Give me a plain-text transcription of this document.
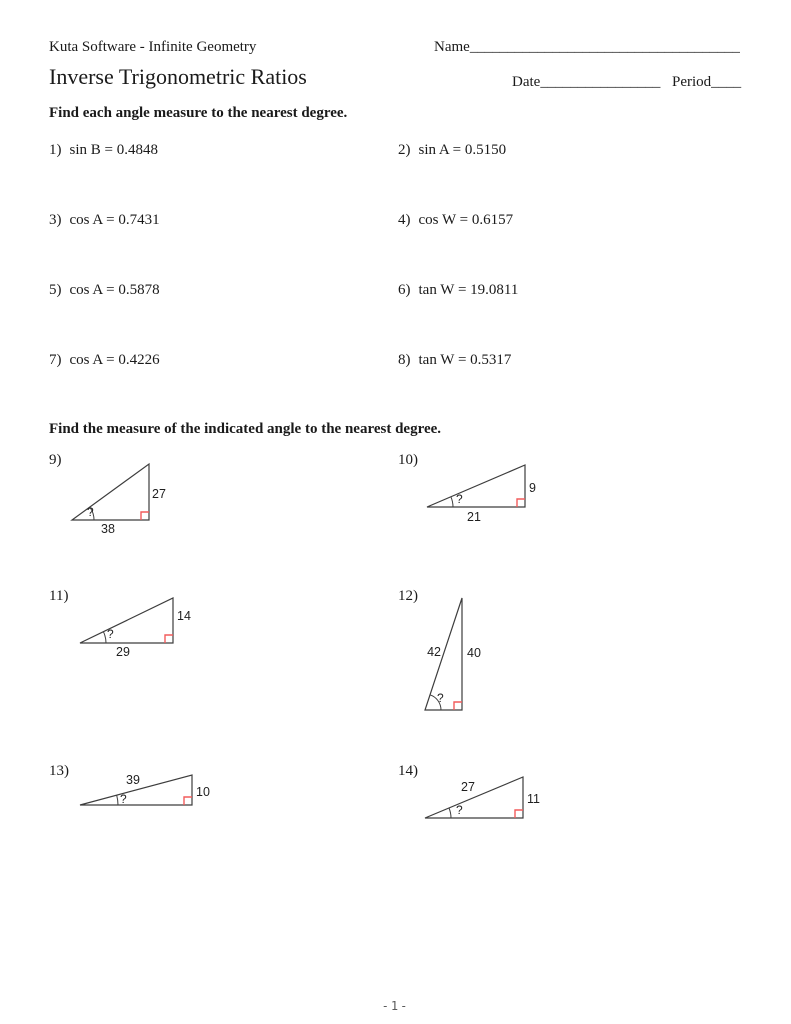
Kuta Software - Infinite Geometry	Name____________________________________
Inverse Trigonometric Ratios	Date________________ Period____
Find each angle measure to the nearest degree.
1) sin B = 0.4848	2) sin A = 0.5150
3) cos A = 0.7431	4) cos W = 0.6157
5) cos A = 0.5878	6) tan W = 19.0811
7) cos A = 0.4226	8) tan W = 0.5317
Find the measure of the indicated angle to the nearest degree.
9)
27
38
?
10)
9
21
?
11)
14
29
?
12)
42 40
?
13)
39
10
?
14)
27
11
?
-1-
